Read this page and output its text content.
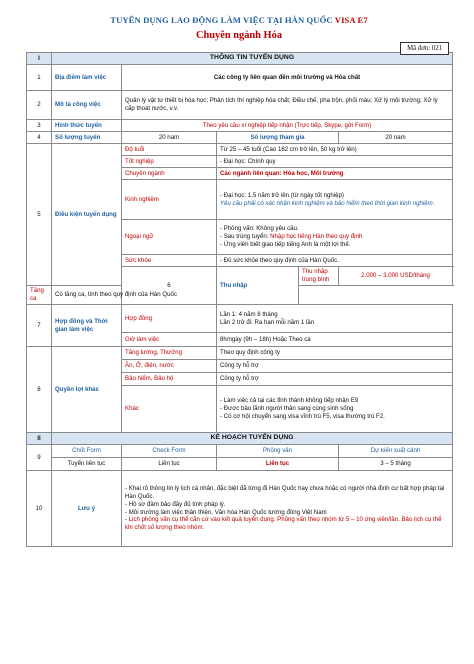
TUYỂN DỤNG LAO ĐỘNG LÀM VIỆC TẠI HÀN QUỐC VISA E7
Chuyên ngành Hóa
Mã đơn: 021
I	THÔNG TIN TUYỂN DỤNG				
1	Địa điểm làm việc	Các công ty liên quan đến môi trường và Hóa chất			
2	Mô tả công việc	Quản lý vật tư thiết bị hóa học; Phân tích thí nghiệp hóa chất; Điều chế, pha trộn, phối màu; Xử lý môi trường; Xử lý cấp thoát nước, v.v.			
3	Hình thức tuyển	Theo yêu cầu xí nghiệp tiếp nhận (Trực tiếp, Skype, gửi Form)			
4	Số lượng tuyển	20 nam	Số lượng tham gia		20 nam
5	Điều kiện tuyển dụng	Độ tuổi	Từ 25 – 45 tuổi (Cao 162 cm trở lên, 50 kg trở lên)		
		Tốt nghiệp	- Đại học: Chính quy		
		Chuyên ngành	Các ngành liên quan: Hóa học, Môi trường		
		Kinh nghiệm	- Đại học: 1.5 năm trở lên (từ ngày tốt nghiệp)
Yêu cầu phải có xác nhận kinh nghiệm và bảo hiểm theo thời gian kinh nghiệm.		

		Ngoại ngữ	- Phỏng vấn: Không yêu cầu.
- Sau trúng tuyển: Nhập học tiếng Hàn theo quy định
- Ứng viên biết giao tiếp tiếng Anh là một lợi thế.		

		Sức khỏe	- Đủ sức khỏe theo quy định của Hàn Quốc.		
		6	Thu nhập	Thu nhập trung bình	2.000 – 3.000 USD/tháng
Tăng ca	Có tăng ca, tính theo quy định của Hàn Quốc				
7	Hợp đồng và Thời gian làm việc	Hợp đồng	Lần 1: 4 năm 8 tháng
Lần 2 trở đi: Ra hạn mỗi năm 1 lần		

		Giờ làm việc	8h/ngày (9h – 18h) Hoặc Theo ca		
8	Quyền lợi khác	Tăng lương, Thưởng	Theo quy định công ty		
		Ăn, Ở, điện, nước	Công ty hỗ trợ		
		Bảo hiểm, Bảo hộ	Công ty hỗ trợ		
		Khác	- Làm việc cả tại các tỉnh thành không tiếp nhận E9
- Được bảo lãnh người thân sang cùng sinh sống
- Có cơ hội chuyển sang visa vĩnh trú F5, visa thường trú F2.		

II	KẾ HOẠCH TUYỂN DỤNG				
9	Chốt Form	Check Form	Phỏng vấn		Dự kiến xuất cảnh
	Tuyển liên tục	Liên tục	Liên tục		3 – 5 tháng
10	Lưu ý	- Khai rõ thông tin lý lịch cá nhân, đặc biệt đã từng đi Hàn Quốc hay chưa hoặc có người nhà định cư bất hợp pháp tại Hàn Quốc.
- Hồ sơ đảm bảo đầy đủ tính pháp lý.
- Môi trường làm việc thân thiện, Văn hóa Hàn Quốc tương đồng Việt Nam
- Lịch phỏng vấn cụ thể căn cứ vào kết quả tuyển dụng. Phỏng vấn theo nhóm từ 5 – 10 ứng viên/lần. Bảo lịch cụ thể khi chốt số lượng theo nhóm.			
